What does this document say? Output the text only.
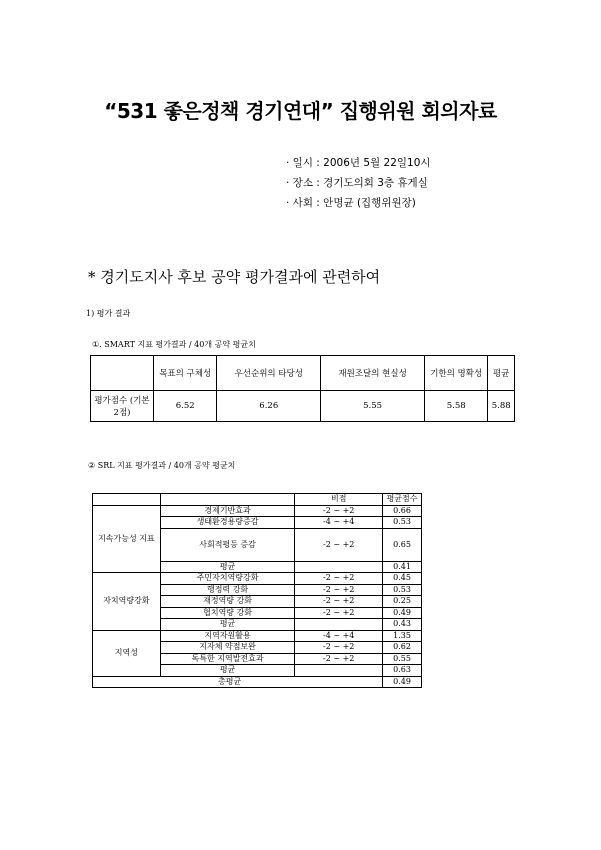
“531 좋은정책 경기연대” 집행위원 회의자료
· 일시 : 2006년 5월 22일10시
· 장소 : 경기도의회 3층 휴게실
· 사회 : 안명균 (집행위원장)
* 경기도지사 후보 공약 평가결과에 관련하여
1) 평가 결과
①. SMART 지표 평가결과 / 40개 공약 평균치
	목표의 구체성	우선순위의 타당성	재원조달의 현실성	기한의 명확성	평균
평가점수 (기본 2점)	6.52	6.26	5.55	5.58	5.88
② SRL 지표 평가결과 / 40개 공약 평균치
		비점	평균점수
지속가능성 지표	경제기반효과	-2 ~ +2	0.66
	생태환경용량증감	-4 ~ +4	0.53
	사회적평등 증감	-2 ~ +2	0.65
	평균		0.41
자치역량강화	주민자치역량강화	-2 ~ +2	0.45
	행정력 강화	-2 ~ +2	0.53
	재정역량 강화	-2 ~ +2	0.25
	협치역량 강화	-2 ~ +2	0.49
	평균		0.43
지역성	지역자원활용	-4 ~ +4	1.35
	지자체 약점보완	-2 ~ +2	0.62
	독특한 지역발전효과	-2 ~ +2	0.55
	평균		0.63
총평균			0.49
